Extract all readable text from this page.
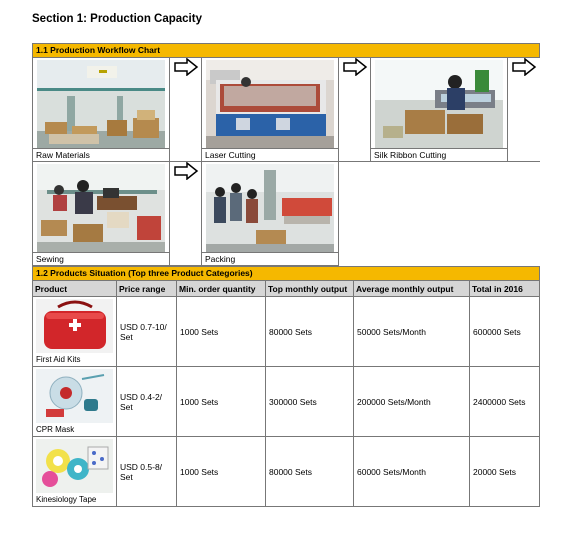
Section 1: Production Capacity
1.1 Production Workflow Chart					

Raw Materials		Laser Cutting		Silk Ribbon Cutting

Sewing		Packing			

1.2 Products Situation (Top three Product Categories)					
Product	Price range	Min. order quantity	Top monthly output	Average monthly output	Total in 2016

First Aid Kits	USD 0.7-10/ Set	1000 Sets	80000 Sets	50000 Sets/Month	600000 Sets

CPR Mask	USD 0.4-2/ Set	1000 Sets	300000 Sets	200000 Sets/Month	2400000 Sets

Kinesiology Tape	USD 0.5-8/ Set	1000 Sets	80000 Sets	60000 Sets/Month	20000 Sets
